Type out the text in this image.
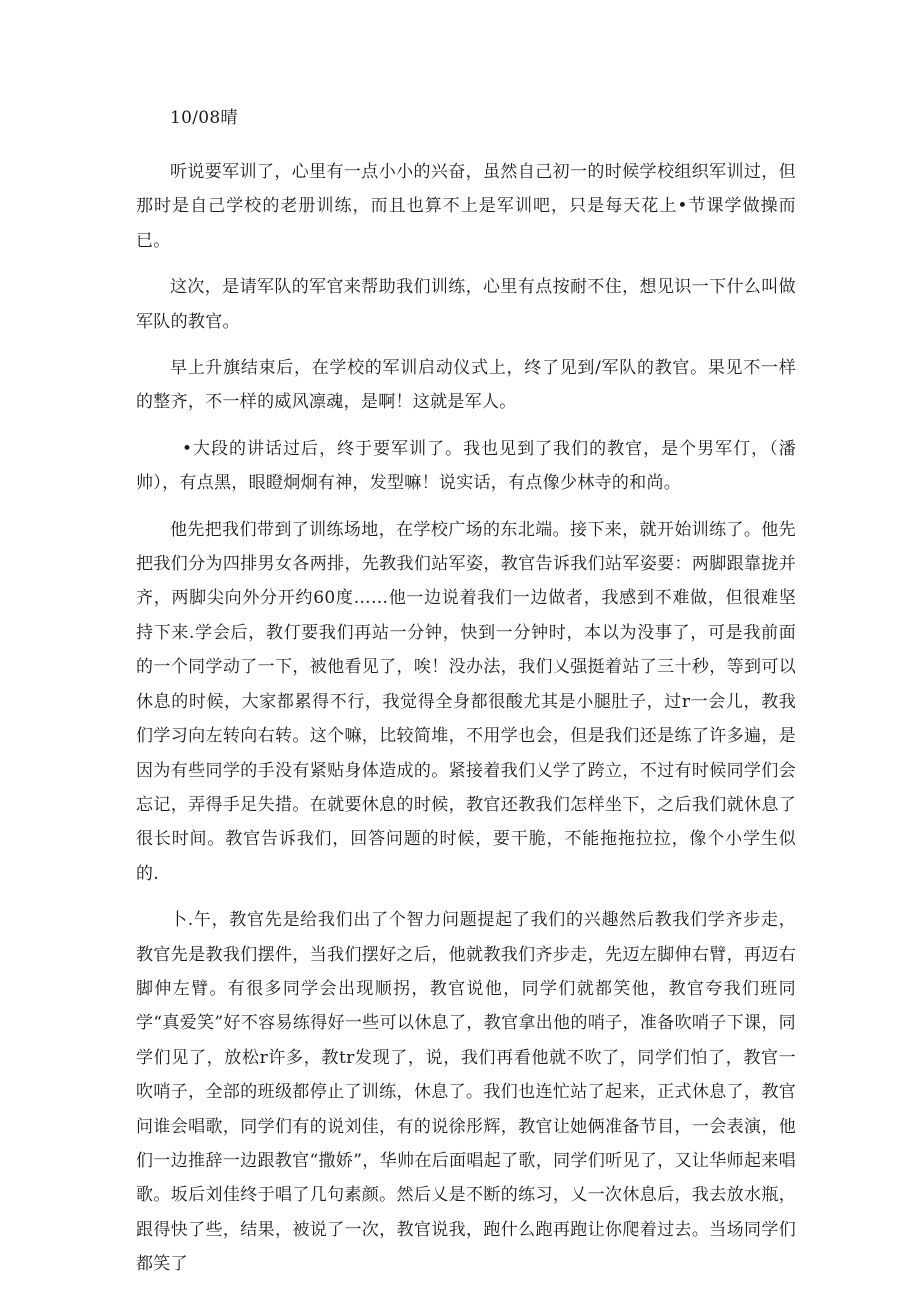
10/08晴

听说要军训了，心里有一点小小的兴奋，虽然自己初一的时候学校组织军训过，但那时是自己学校的老册训练，而且也算不上是军训吧，只是每天花上•节课学做操而已。

这次，是请军队的军官来帮助我们训练，心里有点按耐不住，想见识一下什么叫做军队的教官。

早上升旗结束后，在学校的军训启动仪式上，终了见到/军队的教官。果见不一样的整齐，不一样的威风凛魂，是啊！这就是军人。

•大段的讲话过后，终于要军训了。我也见到了我们的教官，是个男军仃，（潘帅），有点黑，眼瞪炯炯有神，发型嘛！说实话，有点像少林寺的和尚。

他先把我们带到了训练场地，在学校广场的东北端。接下来，就开始训练了。他先把我们分为四排男女各两排，先教我们站军姿，教官告诉我们站军姿要：两脚跟靠拢并齐，两脚尖向外分开约60度……他一边说着我们一边做者，我感到不难做，但很难坚持下来.学会后，教仃要我们再站一分钟，快到一分钟时，本以为没事了，可是我前面的一个同学动了一下，被他看见了，唉！没办法，我们乂强挺着站了三十秒，等到可以休息的时候，大家都累得不行，我觉得全身都很酸尤其是小腿肚子，过r一会儿，教我们学习向左转向右转。这个嘛，比较简堆，不用学也会，但是我们还是练了许多遍，是因为有些同学的手没有紧贴身体造成的。紧接着我们乂学了跨立，不过有时候同学们会忘记，弄得手足失措。在就要休息的时候，教官还教我们怎样坐下，之后我们就休息了很长时间。教官告诉我们，回答问题的时候，要干脆，不能拖拖拉拉，像个小学生似的.

卜.午，教官先是给我们出了个智力问题提起了我们的兴趣然后教我们学齐步走，教官先是教我们摆件，当我们摆好之后，他就教我们齐步走，先迈左脚伸右臂，再迈右脚伸左臂。有很多同学会出现顺拐，教官说他，同学们就都笑他，教官夸我们班同学“真爱笑”好不容易练得好一些可以休息了，教官拿出他的哨子，准备吹哨子下课，同学们见了，放松r许多，教tr发现了，说，我们再看他就不吹了，同学们怕了，教官一吹哨子，全部的班级都停止了训练，休息了。我们也连忙站了起来，正式休息了，教官问谁会唱歌，同学们有的说刘佳，有的说徐彤辉，教官让她俩准备节目，一会表演，他们一边推辞一边跟教官“撒娇”，华帅在后面唱起了歌，同学们听见了，又让华师起来唱歌。坂后刘佳终于唱了几句素颜。然后乂是不断的练习，乂一次休息后，我去放水瓶，跟得快了些，结果，被说了一次，教官说我，跑什么跑再跑让你爬着过去。当场同学们都笑了
